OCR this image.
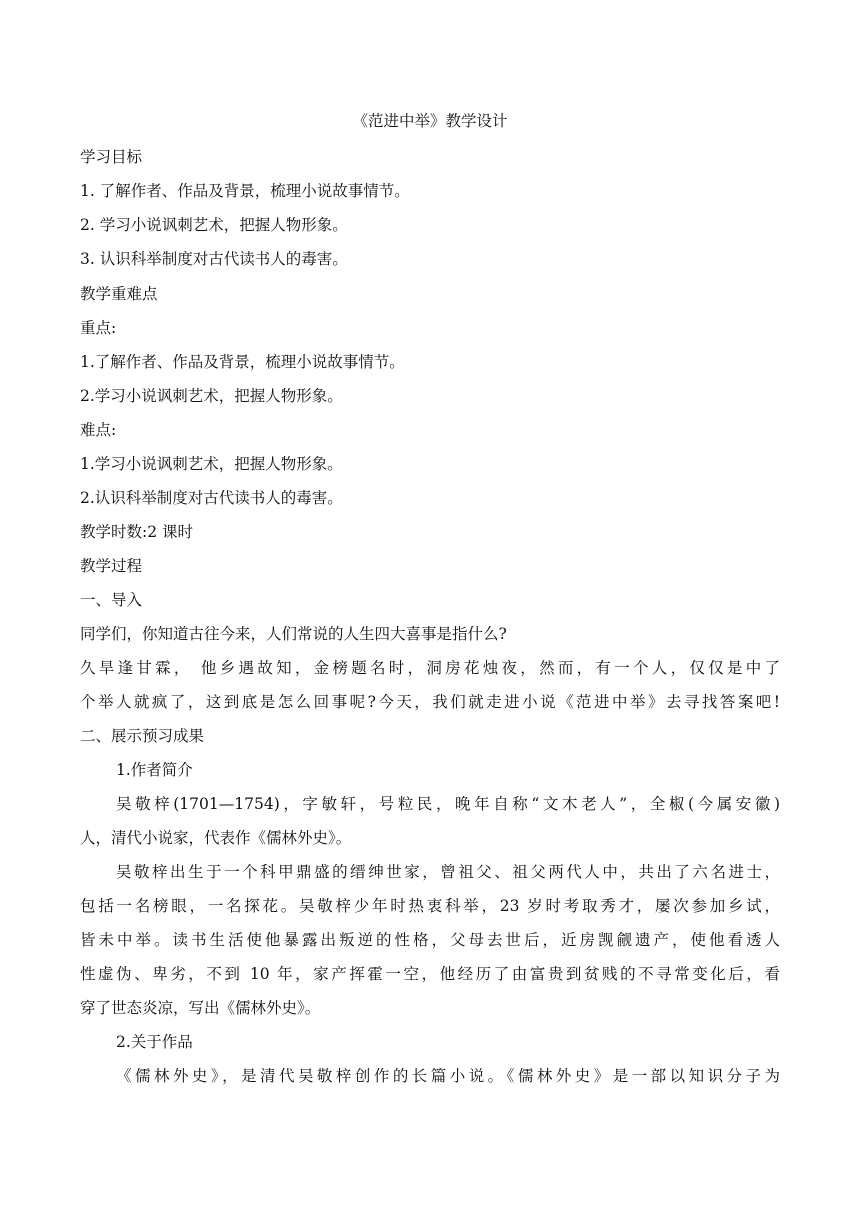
《范进中举》教学设计
学习目标
1. 了解作者、作品及背景，梳理小说故事情节。
2. 学习小说讽刺艺术，把握人物形象。
3. 认识科举制度对古代读书人的毒害。
教学重难点
重点:
1.了解作者、作品及背景，梳理小说故事情节。
2.学习小说讽刺艺术，把握人物形象。
难点:
1.学习小说讽刺艺术，把握人物形象。
2.认识科举制度对古代读书人的毒害。
教学时数:2 课时
教学过程
一、导入
同学们，你知道古往今来，人们常说的人生四大喜事是指什么?
久旱逢甘霖， 他乡遇故知，金榜题名时，洞房花烛夜，然而，有一个人，仅仅是中了
个举人就疯了，这到底是怎么回事呢?今天，我们就走进小说《范进中举》去寻找答案吧!
二、展示预习成果
1.作者简介
吴敬梓(1701—1754)，字敏轩，号粒民，晚年自称“文木老人”，全椒(今属安徽)
人，清代小说家，代表作《儒林外史》。
吴敬梓出生于一个科甲鼎盛的缙绅世家，曾祖父、祖父两代人中，共出了六名进士，
包括一名榜眼，一名探花。吴敬梓少年时热衷科举，23 岁时考取秀才，屡次参加乡试，
皆未中举。读书生活使他暴露出叛逆的性格，父母去世后，近房觊觎遗产，使他看透人
性虚伪、卑劣，不到 10 年，家产挥霍一空，他经历了由富贵到贫贱的不寻常变化后，看
穿了世态炎凉，写出《儒林外史》。
2.关于作品
《儒林外史》，是清代吴敬梓创作的长篇小说。《儒林外史》是一部以知识分子为
